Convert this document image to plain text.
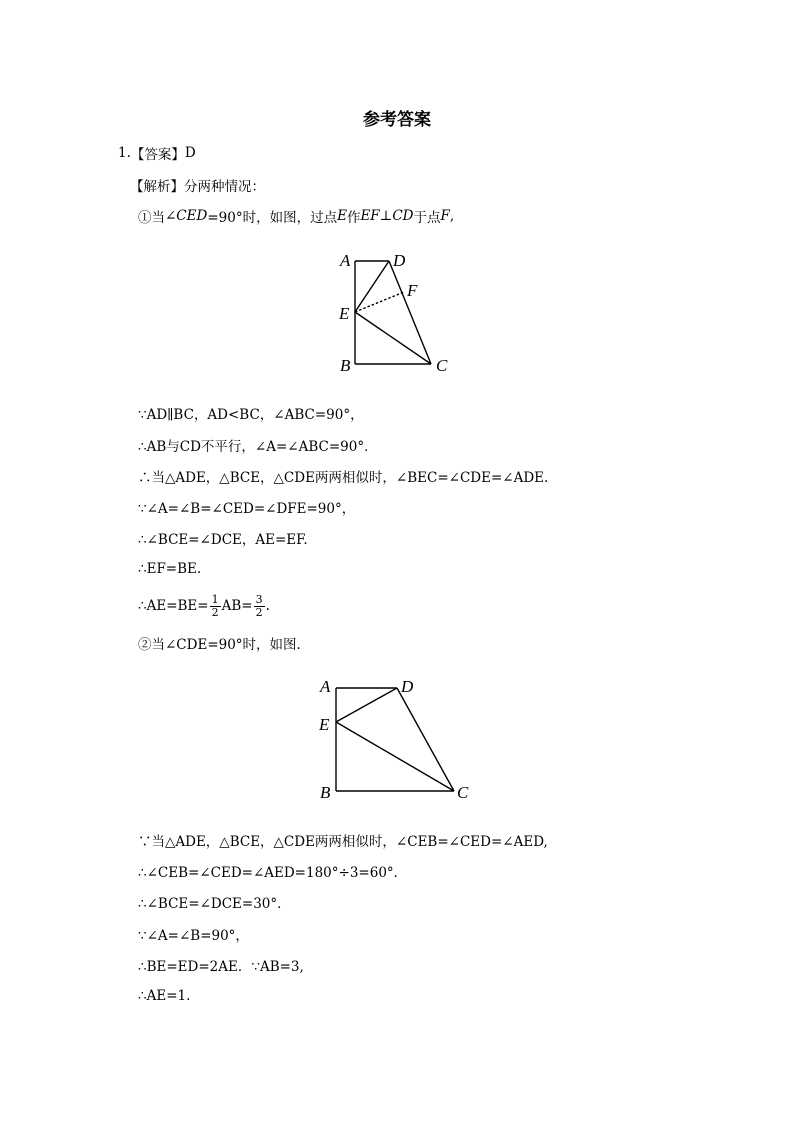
参考答案
1. 【答案】 D
【解析】 分两种情况：
①当 ∠CED =90°时，如图，过点 E 作 EF⊥CD 于点 F ,
A	D
F
E
B	C
∵AD∥BC，AD<BC，∠ABC=90°，
∴AB与CD不平行，∠A=∠ABC=90°．
∴当△ADE，△BCE，△CDE两两相似时，∠BEC=∠CDE=∠ADE.
∵∠A=∠B=∠CED=∠DFE=90°，
∴∠BCE=∠DCE，AE=EF.
∴EF=BE.
∴AE=BE= $\frac{1}{2} AB= \frac{3}{2}$ .
②当∠CDE=90°时，如图.
A	D
E
B	C
∵当△ADE，△BCE，△CDE两两相似时，∠CEB=∠CED=∠AED,
∴∠CEB=∠CED=∠AED=180°÷3=60°．
∴∠BCE=∠DCE=30°．
∵∠A=∠B=90°，
∴BE=ED=2AE．∵AB=3,
∴AE=1.
